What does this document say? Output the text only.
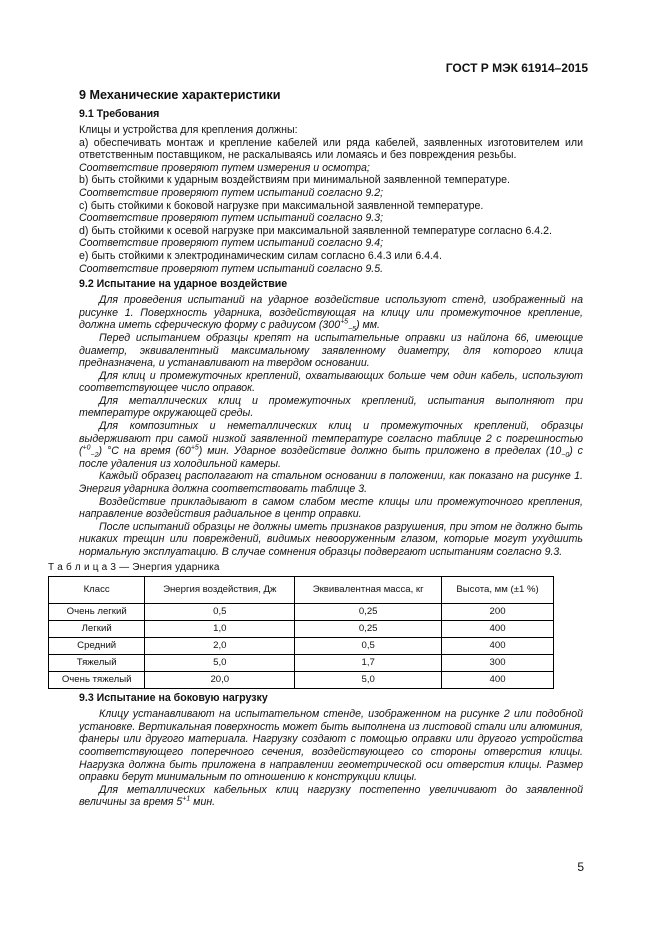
ГОСТ Р МЭК 61914–2015
9 Механические характеристики
9.1 Требования

Клицы и устройства для крепления должны:

а) обеспечивать монтаж и крепление кабелей или ряда кабелей, заявленных изготовителем или ответственным поставщиком, не раскалываясь или ломаясь и без повреждения резьбы.

Соответствие проверяют путем измерения и осмотра;

b) быть стойкими к ударным воздействиям при минимальной заявленной температуре.

Соответствие проверяют путем испытаний согласно 9.2;

c) быть стойкими к боковой нагрузке при максимальной заявленной температуре.

Соответствие проверяют путем испытаний согласно 9.3;

d) быть стойкими к осевой нагрузке при максимальной заявленной температуре согласно 6.4.2.

Соответствие проверяют путем испытаний согласно 9.4;

е) быть стойкими к электродинамическим силам согласно 6.4.3 или 6.4.4.

Соответствие проверяют путем испытаний согласно 9.5.

9.2 Испытание на ударное воздействие

Для проведения испытаний на ударное воздействие используют стенд, изображенный на рисунке 1. Поверхность ударника, воздействующая на клицу или промежуточное крепление, должна иметь сферическую форму с радиусом $(300^{+5}_{-5})$ мм.

Перед испытанием образцы крепят на испытательные оправки из найлона 66, имеющие диаметр, эквивалентный максимальному заявленному диаметру, для которого клица предназначена, и устанавливают на твердом основании.

Для клиц и промежуточных креплений, охватывающих больше чем один кабель, используют соответствующее число оправок.

Для металлических клиц и промежуточных креплений, испытания выполняют при температуре окружающей среды.

Для композитных и неметаллических клиц и промежуточных креплений, образцы выдерживают при самой низкой заявленной температуре согласно таблице 2 с погрешностью ($^{+0}_{-2}$) °С на время $(60^{+5})$ мин. Ударное воздействие должно быть приложено в пределах $(10_{-0})$ с после удаления из холодильной камеры.

Каждый образец располагают на стальном основании в положении, как показано на рисунке 1. Энергия ударника должна соответствовать таблице 3.

Воздействие прикладывают в самом слабом месте клицы или промежуточного крепления, направление воздействия радиальное в центр оправки.

После испытаний образцы не должны иметь признаков разрушения, при этом не должно быть никаких трещин или повреждений, видимых невооруженным глазом, которые могут ухудшить нормальную эксплуатацию. В случае сомнения образцы подвергают испытаниям согласно 9.3.

Т а б л и ц а 3 — Энергия ударника
Класс	Энергия воздействия, Дж	Эквивалентная масса, кг	Высота, мм (±1 %)
Очень легкий	0,5	0,25	200
Легкий	1,0	0,25	400
Средний	2,0	0,5	400
Тяжелый	5,0	1,7	300
Очень тяжелый	20,0	5,0	400
9.3 Испытание на боковую нагрузку

Клицу устанавливают на испытательном стенде, изображенном на рисунке 2 или подобной установке. Вертикальная поверхность может быть выполнена из листовой стали или алюминия, фанеры или другого материала. Нагрузку создают с помощью оправки или другого устройства соответствующего поперечного сечения, воздействующего со стороны отверстия клицы. Нагрузка должна быть приложена в направлении геометрической оси отверстия клицы. Размер оправки берут минимальным по отношению к конструкции клицы.

Для металлических кабельных клиц нагрузку постепенно увеличивают до заявленной величины за время $5^{+1}$ мин.

5
